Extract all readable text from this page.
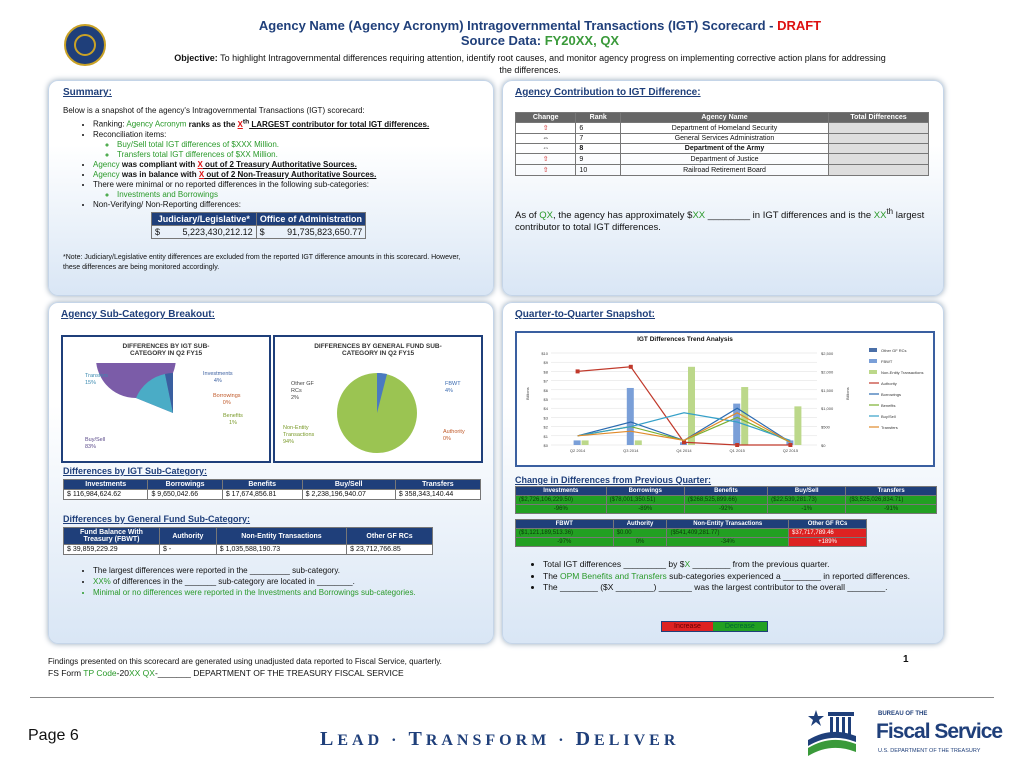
Agency Name (Agency Acronym) Intragovernmental Transactions (IGT) Scorecard - DRAFT
Source Data: FY20XX, QX
Objective: To highlight Intragovernmental differences requiring attention, identify root causes, and monitor agency progress on implementing corrective action plans for addressing the differences.
Summary:
Below is a snapshot of the agency's Intragovernmental Transactions (IGT) scorecard:
• Ranking: Agency Acronym ranks as the Xth LARGEST contributor for total IGT differences.
• Reconciliation items:
◦ Buy/Sell total IGT differences of $XXX Million.
◦ Transfers total IGT differences of $XX Million.
• Agency was compliant with X out of 2 Treasury Authoritative Sources.
• Agency was in balance with X out of 2 Non-Treasury Authoritative Sources.
• There were minimal or no reported differences in the following sub-categories:
◦ Investments and Borrowings
• Non-Verifying/ Non-Reporting differences:
Judiciary/Legislative*	Office of Administration
$ 5,223,430,212.12	$ 91,735,823,650.77
*Note: Judiciary/Legislative entity differences are excluded from the reported IGT difference amounts in this scorecard. However, these differences are being monitored accordingly.
Agency Contribution to IGT Difference:
Change	Rank	Agency Name	Total Differences
⇧	6	Department of Homeland Security	
⇔	7	General Services Administration	
⇔	8	Department of the Army	
⇧	9	Department of Justice	
⇧	10	Railroad Retirement Board	
As of QX, the agency has approximately $XX ________ in IGT differences and is the XXth largest contributor to total IGT differences.
Agency Sub-Category Breakout:
DIFFERENCES BY IGT SUB-CATEGORY IN Q2 FY15
Transfers
15%
Investments
4%
Borrowings
0%
Benefits
1%
Buy/Sell
83%
DIFFERENCES BY GENERAL FUND SUB-CATEGORY IN Q2 FY15
Other GF RCs
2%
FBWT
4%
Non-Entity Transactions
94%
Authority
0%
Differences by IGT Sub-Category:
Investments	Borrowings	Benefits	Buy/Sell	Transfers
$ 116,984,624.62	$ 9,650,042.66	$ 17,674,856.81	$ 2,238,196,940.07	$ 358,343,140.44
Differences by General Fund Sub-Category:
Fund Balance With Treasury (FBWT)	Authority	Non-Entity Transactions	Other GF RCs
$ 39,859,229.29	$ -	$ 1,035,588,190.73	$ 23,712,766.85
• The largest differences were reported in the _________ sub-category.
• XX% of differences in the _______ sub-category are located in ________.
• Minimal or no differences were reported in the Investments and Borrowings sub-categories.
Quarter-to-Quarter Snapshot:
IGT Differences Trend Analysis
$10
$9
$8
$7
$6
$5
$4
$3
$2
$1
$0
$2,500
$2,000
$1,500
$1,000
$500
$0
Billions	Billions
Q2 2014	Q3 2014	Q4 2014	Q1 2015	Q2 2015
Other GF RCs
FBWT
Non-Entity Transactions
Authority
Borrowings
Benefits
Buy/Sell
Transfers
Change in Differences from Previous Quarter:
Investments	Borrowings	Benefits	Buy/Sell	Transfers
($2,726,106,229.50)	($78,001,350.51)	($268,525,899.66)	($22,539,281.73)	($3,525,026,834.71)
-96%	-89%	-92%	-1%	-91%
FBWT	Authority	Non-Entity Transactions	Other GF RCs
($1,121,189,513.36)	$0.00	($541,409,281.77)	$37,717,789.46
-97%	0%	-34%	+189%
• Total IGT differences _________ by $X ________ from the previous quarter.
• The OPM Benefits and Transfers sub-categories experienced a ________ in reported differences.
• The ________ ($X ________) _______ was the largest contributor to the overall ________.
Increase	Decrease
Findings presented on this scorecard are generated using unadjusted data reported to Fiscal Service, quarterly.
FS Form TP Code-20XX QX-_______ DEPARTMENT OF THE TREASURY FISCAL SERVICE
1
Page 6	LEAD · TRANSFORM · DELIVER
BUREAU OF THE
Fiscal Service
U.S. DEPARTMENT OF THE TREASURY
